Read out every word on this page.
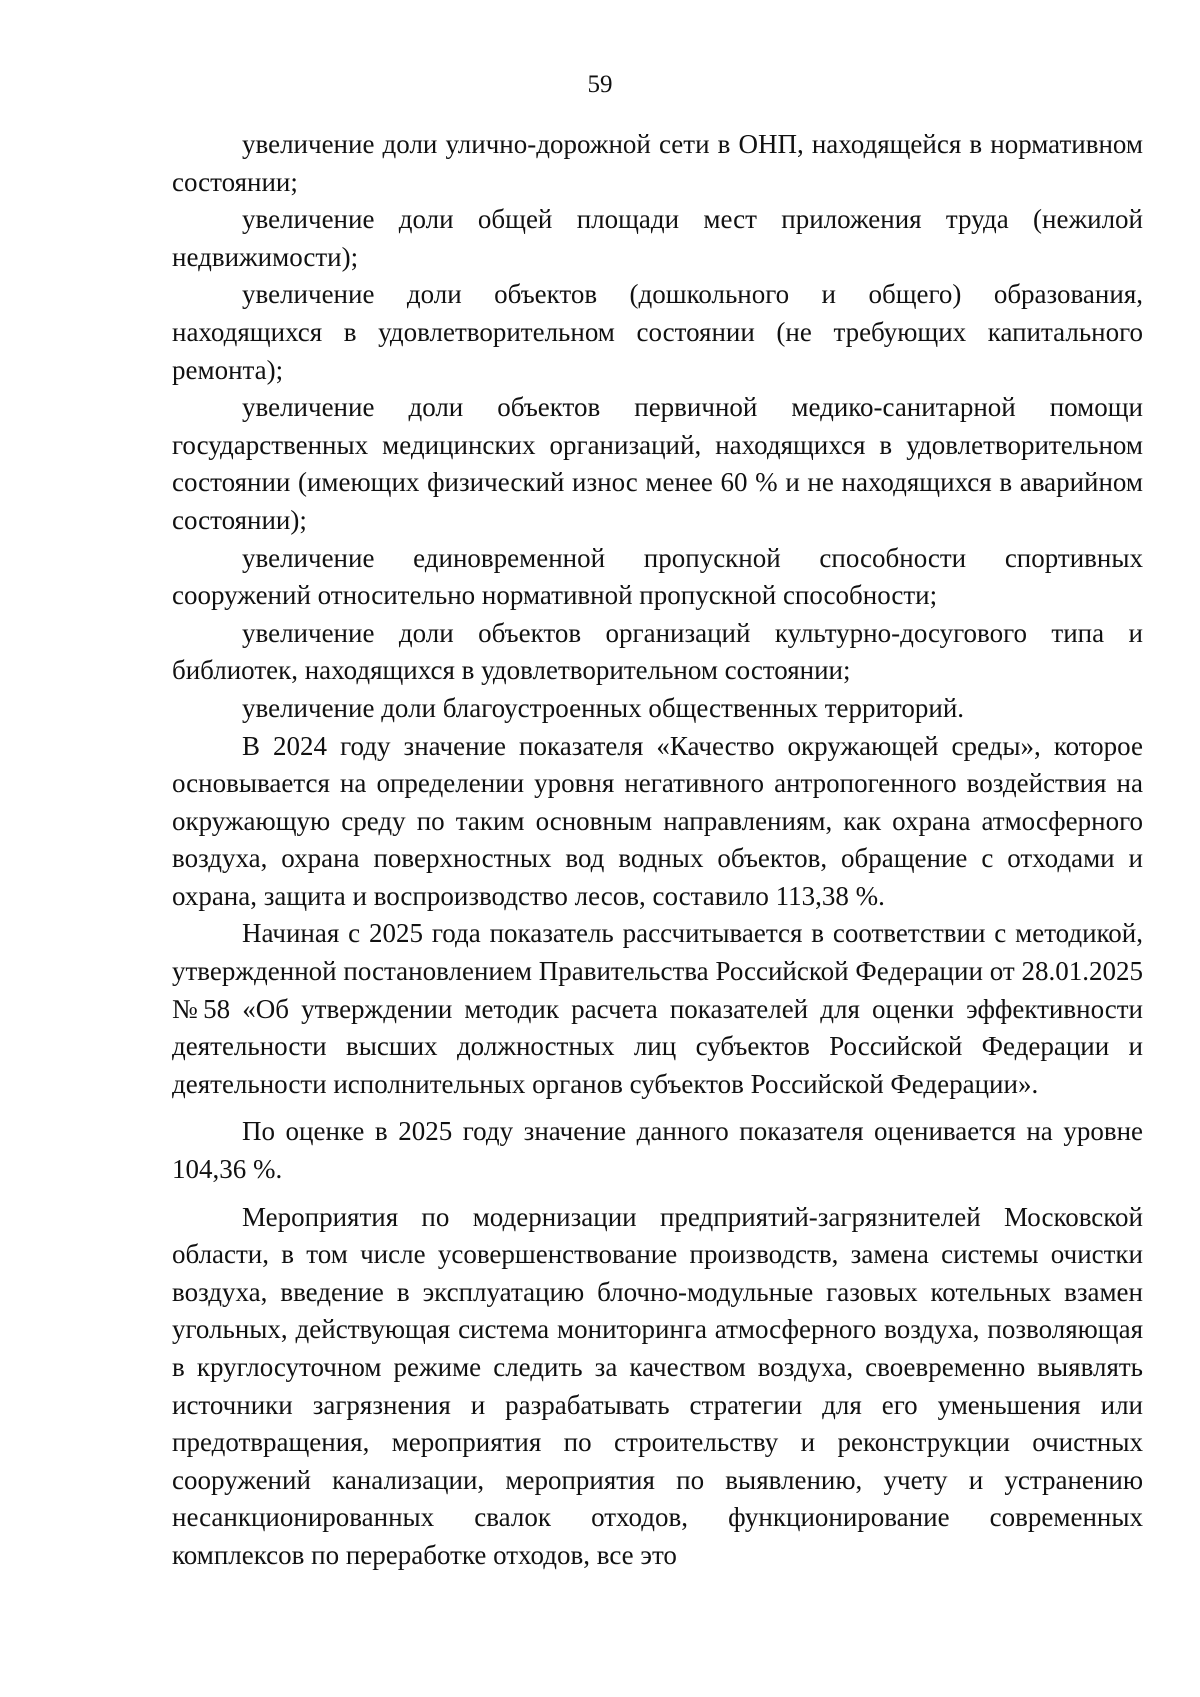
59

увеличение доли улично-дорожной сети в ОНП, находящейся в нормативном состоянии;

увеличение доли общей площади мест приложения труда (нежилой недвижимости);

увеличение доли объектов (дошкольного и общего) образования, находящихся в удовлетворительном состоянии (не требующих капитального ремонта);

увеличение доли объектов первичной медико-санитарной помощи государственных медицинских организаций, находящихся в удовлетворительном состоянии (имеющих физический износ менее 60 % и не находящихся в аварийном состоянии);

увеличение единовременной пропускной способности спортивных сооружений относительно нормативной пропускной способности;

увеличение доли объектов организаций культурно-досугового типа и библиотек, находящихся в удовлетворительном состоянии;

увеличение доли благоустроенных общественных территорий.

В 2024 году значение показателя «Качество окружающей среды», которое основывается на определении уровня негативного антропогенного воздействия на окружающую среду по таким основным направлениям, как охрана атмосферного воздуха, охрана поверхностных вод водных объектов, обращение с отходами и охрана, защита и воспроизводство лесов, составило 113,38 %.

Начиная с 2025 года показатель рассчитывается в соответствии с методикой, утвержденной постановлением Правительства Российской Федерации от 28.01.2025 №58 «Об утверждении методик расчета показателей для оценки эффективности деятельности высших должностных лиц субъектов Российской Федерации и деятельности исполнительных органов субъектов Российской Федерации».

По оценке в 2025 году значение данного показателя оценивается на уровне 104,36 %.

Мероприятия по модернизации предприятий-загрязнителей Московской области, в том числе усовершенствование производств, замена системы очистки воздуха, введение в эксплуатацию блочно-модульные газовых котельных взамен угольных, действующая система мониторинга атмосферного воздуха, позволяющая в круглосуточном режиме следить за качеством воздуха, своевременно выявлять источники загрязнения и разрабатывать стратегии для его уменьшения или предотвращения, мероприятия по строительству и реконструкции очистных сооружений канализации, мероприятия по выявлению, учету и устранению несанкционированных свалок отходов, функционирование современных комплексов по переработке отходов, все это
